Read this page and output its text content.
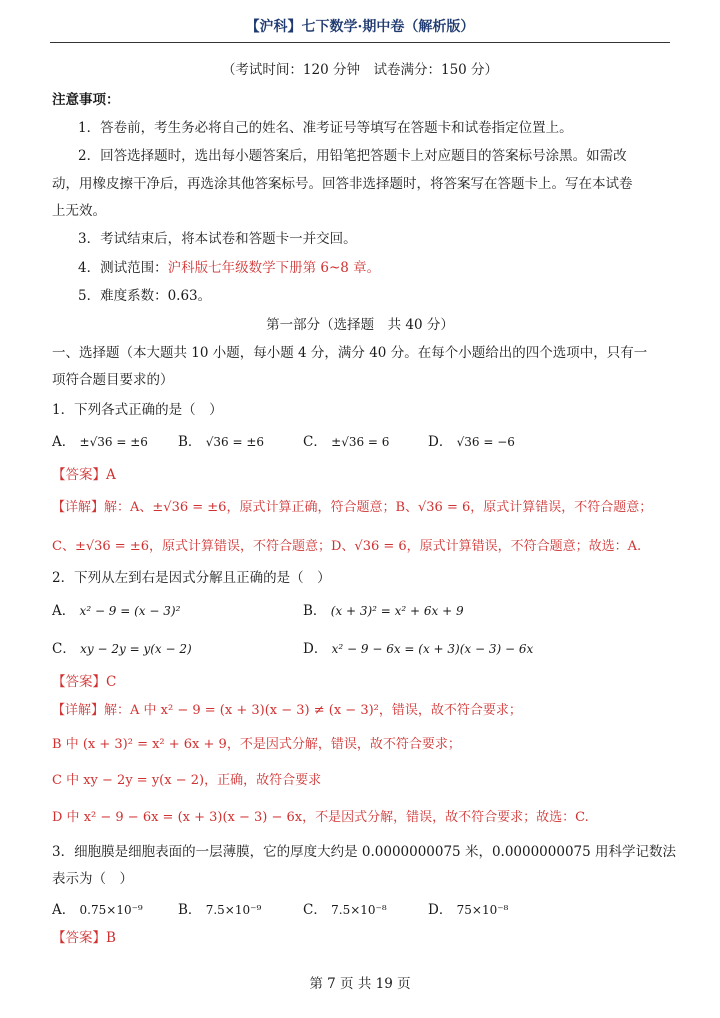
【沪科】七下数学·期中卷（解析版）
（考试时间：120 分钟　试卷满分：150 分）
注意事项：
1．答卷前，考生务必将自己的姓名、准考证号等填写在答题卡和试卷指定位置上。
2．回答选择题时，选出每小题答案后，用铅笔把答题卡上对应题目的答案标号涂黑。如需改
动，用橡皮擦干净后，再选涂其他答案标号。回答非选择题时，将答案写在答题卡上。写在本试卷
上无效。
3．考试结束后，将本试卷和答题卡一并交回。
4．测试范围：沪科版七年级数学下册第 6~8 章。
5．难度系数：0.63。
第一部分（选择题　共 40 分）
一、选择题（本大题共 10 小题，每小题 4 分，满分 40 分。在每个小题给出的四个选项中，只有一
项符合题目要求的）
1．下列各式正确的是（　）
A． ±√36 = ±6 B． √36 = ±6	C． ±√36 = 6	D． √36 = −6
【答案】A
【详解】解：A、±√36 = ±6，原式计算正确，符合题意；B、√36 = 6，原式计算错误，不符合题意；
C、±√36 = ±6，原式计算错误，不符合题意；D、√36 = 6，原式计算错误，不符合题意；故选：A.
2．下列从左到右是因式分解且正确的是（　）
A． x² − 9 = (x − 3)²	B． (x + 3)² = x² + 6x + 9
C． xy − 2y = y(x − 2)	D． x² − 9 − 6x = (x + 3)(x − 3) − 6x
【答案】C
【详解】解：A 中 x² − 9 = (x + 3)(x − 3) ≠ (x − 3)²，错误，故不符合要求；
B 中 (x + 3)² = x² + 6x + 9，不是因式分解，错误，故不符合要求；
C 中 xy − 2y = y(x − 2)，正确，故符合要求
D 中 x² − 9 − 6x = (x + 3)(x − 3) − 6x，不是因式分解，错误，故不符合要求；故选：C.
3．细胞膜是细胞表面的一层薄膜，它的厚度大约是 0.0000000075 米，0.0000000075 用科学记数法
表示为（　）
A． 0.75×10⁻⁹	B． 7.5×10⁻⁹	C． 7.5×10⁻⁸	D． 75×10⁻⁸
【答案】B
第 7 页 共 19 页
